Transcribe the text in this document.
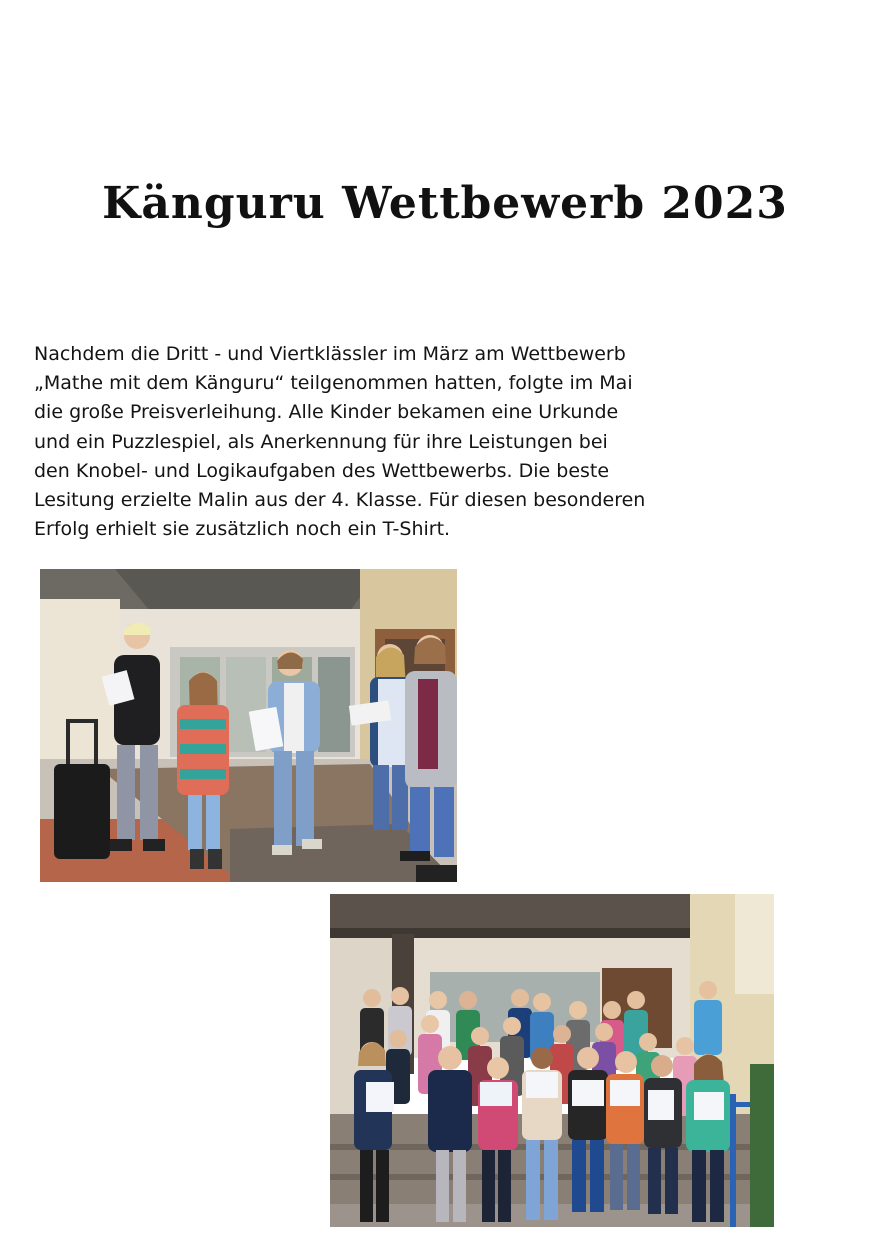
Känguru Wettbewerb 2023
Nachdem die Dritt - und Viertklässler im März am Wettbewerb
„Mathe mit dem Känguru“ teilgenommen hatten, folgte im Mai
die große Preisverleihung. Alle Kinder bekamen eine Urkunde
und ein Puzzlespiel, als Anerkennung für ihre Leistungen bei
den Knobel- und Logikaufgaben des Wettbewerbs. Die beste
Lesitung erzielte Malin aus der 4. Klasse. Für diesen besonderen
Erfolg erhielt sie zusätzlich noch ein T-Shirt.
